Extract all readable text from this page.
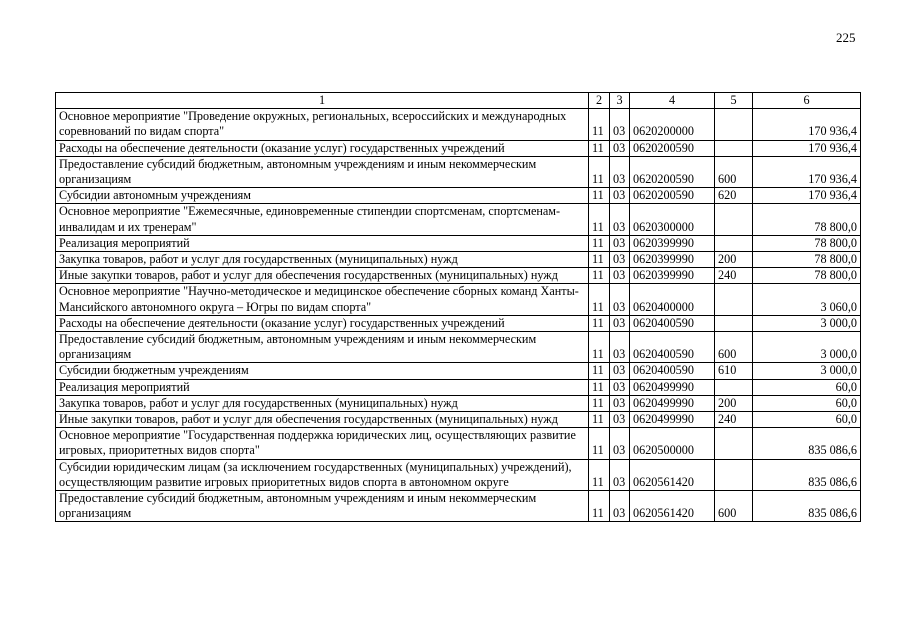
225
1	2	3	4	5	6
Основное мероприятие "Проведение окружных, региональных, всероссийских и международных соревнований по видам спорта"	11	03	0620200000		170 936,4
Расходы на обеспечение деятельности (оказание услуг) государственных учреждений	11	03	0620200590		170 936,4
Предоставление субсидий бюджетным, автономным учреждениям и иным некоммерческим организациям	11	03	0620200590	600	170 936,4
Субсидии автономным учреждениям	11	03	0620200590	620	170 936,4
Основное мероприятие "Ежемесячные, единовременные стипендии спортсменам, спортсменам-инвалидам и их тренерам"	11	03	0620300000		78 800,0
Реализация мероприятий	11	03	0620399990		78 800,0
Закупка товаров, работ и услуг для государственных (муниципальных) нужд	11	03	0620399990	200	78 800,0
Иные закупки товаров, работ и услуг для обеспечения государственных (муниципальных) нужд	11	03	0620399990	240	78 800,0
Основное мероприятие "Научно-методическое и медицинское обеспечение сборных команд Ханты-Мансийского автономного округа – Югры по видам спорта"	11	03	0620400000		3 060,0
Расходы на обеспечение деятельности (оказание услуг) государственных учреждений	11	03	0620400590		3 000,0
Предоставление субсидий бюджетным, автономным учреждениям и иным некоммерческим организациям	11	03	0620400590	600	3 000,0
Субсидии бюджетным учреждениям	11	03	0620400590	610	3 000,0
Реализация мероприятий	11	03	0620499990		60,0
Закупка товаров, работ и услуг для государственных (муниципальных) нужд	11	03	0620499990	200	60,0
Иные закупки товаров, работ и услуг для обеспечения государственных (муниципальных) нужд	11	03	0620499990	240	60,0
Основное мероприятие "Государственная поддержка юридических лиц, осуществляющих развитие игровых, приоритетных видов спорта"	11	03	0620500000		835 086,6
Субсидии юридическим лицам (за исключением государственных (муниципальных) учреждений), осуществляющим развитие игровых приоритетных видов спорта в автономном округе	11	03	0620561420		835 086,6
Предоставление субсидий бюджетным, автономным учреждениям и иным некоммерческим организациям	11	03	0620561420	600	835 086,6
